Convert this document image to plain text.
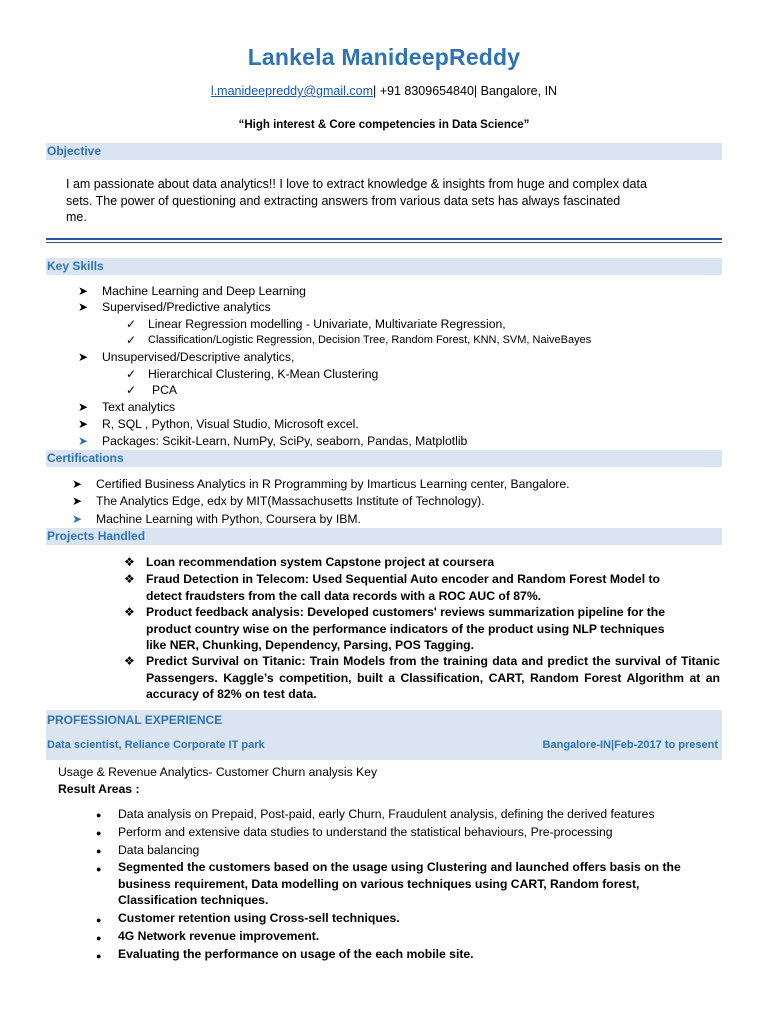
Lankela ManideepReddy
l.manideepreddy@gmail.com| +91 8309654840| Bangalore, IN
“High interest & Core competencies in Data Science”
Objective
I am passionate about data analytics!! I love to extract knowledge & insights from huge and complex data
sets. The power of questioning and extracting answers from various data sets has always fascinated
me.
Key Skills
➤ Machine Learning and Deep Learning
➤ Supervised/Predictive analytics
✓ Linear Regression modelling - Univariate, Multivariate Regression,
✓ Classification/Logistic Regression, Decision Tree, Random Forest, KNN, SVM, NaiveBayes
➤ Unsupervised/Descriptive analytics,
✓ Hierarchical Clustering, K-Mean Clustering
✓ PCA
➤ Text analytics
➤ R, SQL , Python, Visual Studio, Microsoft excel.
➤ Packages: Scikit-Learn, NumPy, SciPy, seaborn, Pandas, Matplotlib
Certifications
➤ Certified Business Analytics in R Programming by Imarticus Learning center, Bangalore.
➤ The Analytics Edge, edx by MIT(Massachusetts Institute of Technology).
➤ Machine Learning with Python, Coursera by IBM.
Projects Handled
❖ Loan recommendation system Capstone project at coursera
❖ Fraud Detection in Telecom: Used Sequential Auto encoder and Random Forest Model to detect fraudsters from the call data records with a ROC AUC of 87%.
❖ Product feedback analysis: Developed customers' reviews summarization pipeline for the product country wise on the performance indicators of the product using NLP techniques like NER, Chunking, Dependency, Parsing, POS Tagging.
❖ Predict Survival on Titanic: Train Models from the training data and predict the survival of Titanic Passengers. Kaggle’s competition, built a Classification, CART, Random Forest Algorithm at an accuracy of 82% on test data.
PROFESSIONAL EXPERIENCE
Data scientist, Reliance Corporate IT park	Bangalore-IN|Feb-2017 to present
Usage & Revenue Analytics- Customer Churn analysis Key
Result Areas :
● Data analysis on Prepaid, Post-paid, early Churn, Fraudulent analysis, defining the derived features
● Perform and extensive data studies to understand the statistical behaviours, Pre-processing
● Data balancing
● Segmented the customers based on the usage using Clustering and launched offers basis on the business requirement, Data modelling on various techniques using CART, Random forest, Classification techniques.
● Customer retention using Cross-sell techniques.
● 4G Network revenue improvement.
● Evaluating the performance on usage of the each mobile site.
